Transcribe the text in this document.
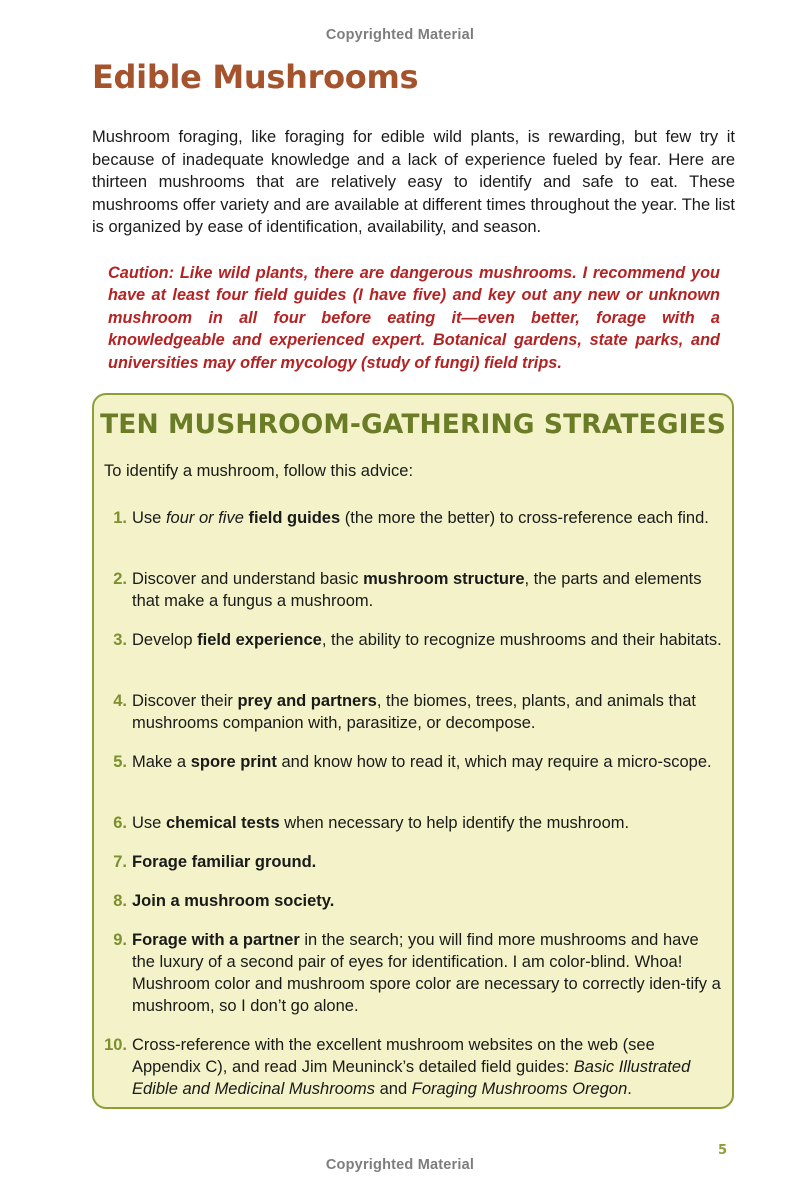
Copyrighted Material
Edible Mushrooms

Mushroom foraging, like foraging for edible wild plants, is rewarding, but few try it because of inadequate knowledge and a lack of experience fueled by fear. Here are thirteen mushrooms that are relatively easy to identify and safe to eat. These mushrooms offer variety and are available at different times throughout the year. The list is organized by ease of identification, availability, and season.

Caution: Like wild plants, there are dangerous mushrooms. I recommend you have at least four field guides (I have five) and key out any new or unknown mushroom in all four before eating it—even better, forage with a knowledgeable and experienced expert. Botanical gardens, state parks, and universities may offer mycology (study of fungi) field trips.

TEN MUSHROOM-GATHERING STRATEGIES

To identify a mushroom, follow this advice:

1. Use four or five field guides (the more the better) to cross-reference each find.
2. Discover and understand basic mushroom structure, the parts and elements that make a fungus a mushroom.
3. Develop field experience, the ability to recognize mushrooms and their habitats.
4. Discover their prey and partners, the biomes, trees, plants, and animals that mushrooms companion with, parasitize, or decompose.
5. Make a spore print and know how to read it, which may require a micro-scope.
6. Use chemical tests when necessary to help identify the mushroom.
7. Forage familiar ground.
8. Join a mushroom society.
9. Forage with a partner in the search; you will find more mushrooms and have the luxury of a second pair of eyes for identification. I am color-blind. Whoa! Mushroom color and mushroom spore color are necessary to correctly iden-tify a mushroom, so I don’t go alone.
10. Cross-reference with the excellent mushroom websites on the web (see Appendix C), and read Jim Meuninck’s detailed field guides: Basic Illustrated Edible and Medicinal Mushrooms and Foraging Mushrooms Oregon.
5
Copyrighted Material
